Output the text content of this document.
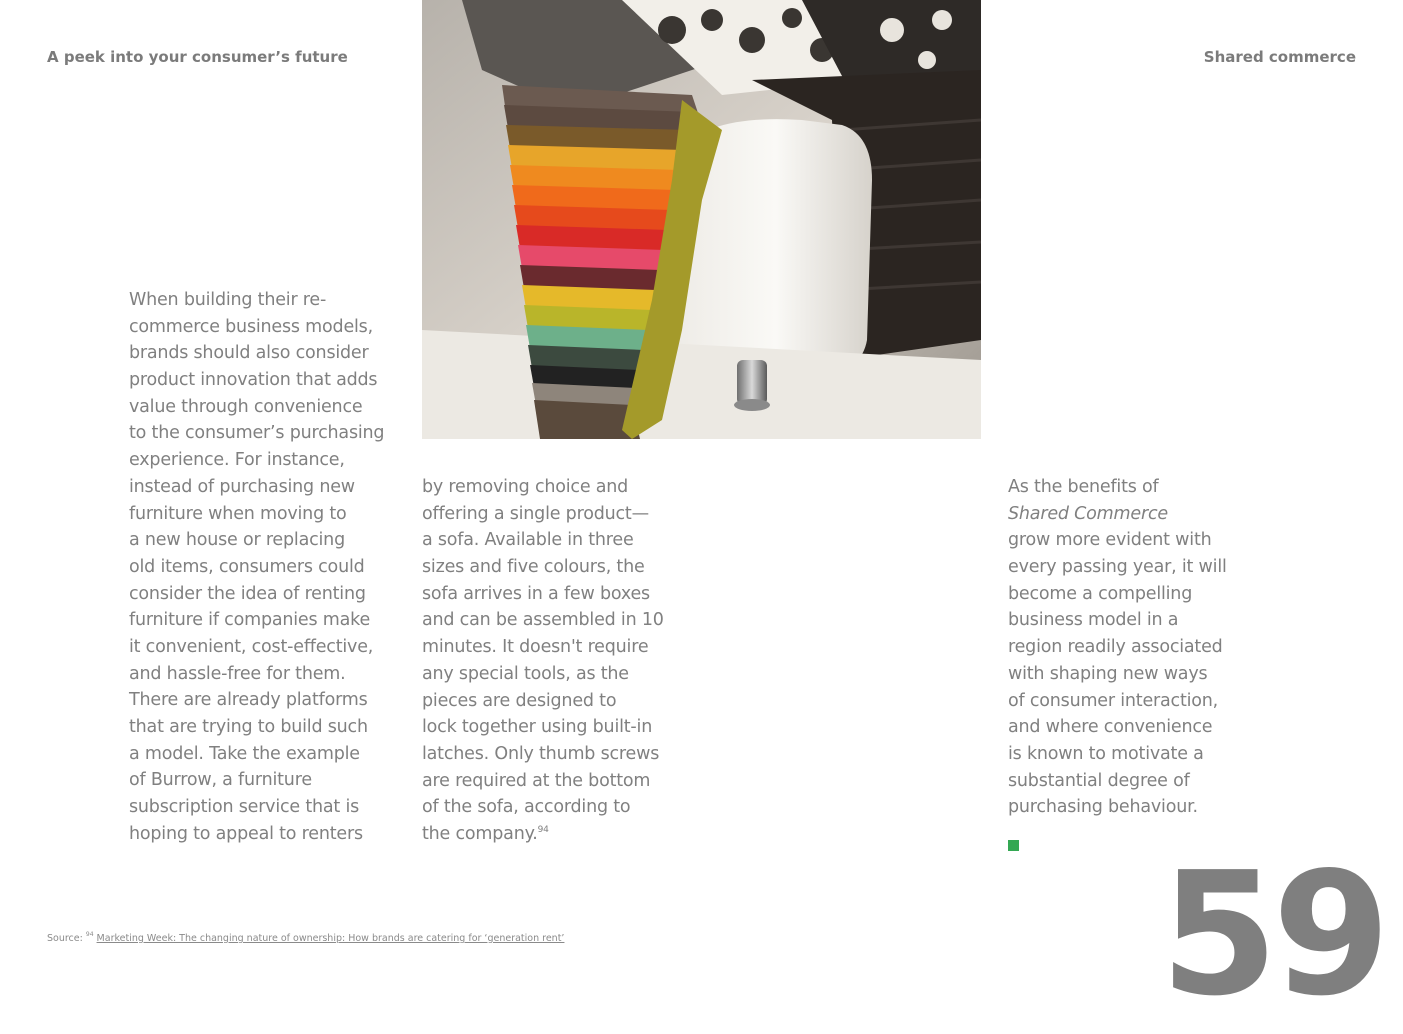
A peek into your consumer’s future	Shared commerce
When building their re-
commerce business models,
brands should also consider
product innovation that adds
value through convenience
to the consumer’s purchasing
experience. For instance,
instead of purchasing new
furniture when moving to
a new house or replacing
old items, consumers could
consider the idea of renting
furniture if companies make
it convenient, cost-effective,
and hassle-free for them.
There are already platforms
that are trying to build such
a model. Take the example
of Burrow, a furniture
subscription service that is
hoping to appeal to renters
by removing choice and
offering a single product—
a sofa. Available in three
sizes and five colours, the
sofa arrives in a few boxes
and can be assembled in 10
minutes. It doesn't require
any special tools, as the
pieces are designed to
lock together using built-in
latches. Only thumb screws
are required at the bottom
of the sofa, according to
the company.$^{94}$
As the benefits of
Shared Commerce
grow more evident with
every passing year, it will
become a compelling
business model in a
region readily associated
with shaping new ways
of consumer interaction,
and where convenience
is known to motivate a
substantial degree of
purchasing behaviour.
Source: $^{94}$ Marketing Week: The changing nature of ownership: How brands are catering for ‘generation rent’	59
